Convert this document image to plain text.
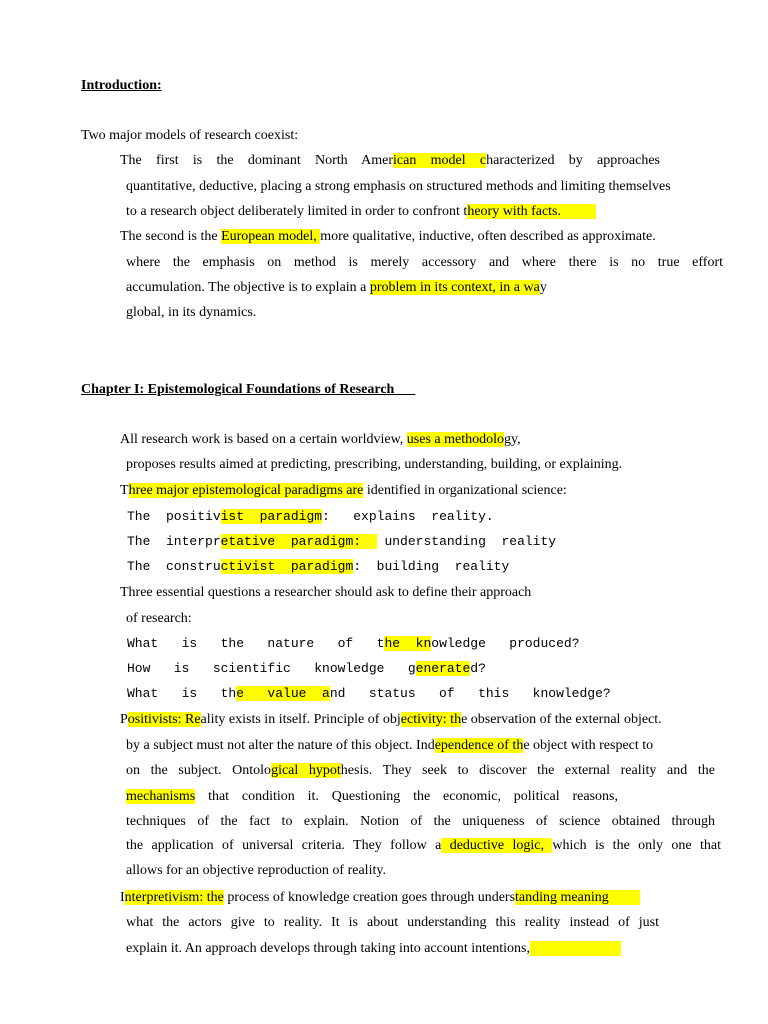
Introduction:
Two major models of research coexist:
The first is the dominant North American model characterized by approaches
quantitative, deductive, placing a strong emphasis on structured methods and limiting themselves
to a research object deliberately limited in order to confront theory with facts.
The second is the European model, more qualitative, inductive, often described as approximate.
where the emphasis on method is merely accessory and where there is no true effort
accumulation. The objective is to explain a problem in its context, in a way
global, in its dynamics.
Chapter I: Epistemological Foundations of Research
All research work is based on a certain worldview, uses a methodology,
proposes results aimed at predicting, prescribing, understanding, building, or explaining.
Three major epistemological paradigms are identified in organizational science:
The  positivist  paradigm:   explains  reality.
The  interpretative  paradigm:   understanding  reality
The  constructivist  paradigm:  building  reality
Three essential questions a researcher should ask to define their approach
of research:
What   is   the   nature   of   the  knowledge   produced?
How   is   scientific   knowledge   generated?
What   is   the   value  and   status   of   this   knowledge?
Positivists: Reality exists in itself. Principle of objectivity: the observation of the external object.
by a subject must not alter the nature of this object. Independence of the object with respect to
on the subject. Ontological hypothesis. They seek to discover the external reality and the
mechanisms that condition it. Questioning the economic, political reasons,
techniques of the fact to explain. Notion of the uniqueness of science obtained through
the application of universal criteria. They follow a deductive logic, which is the only one that
allows for an objective reproduction of reality.
Interpretivism: the process of knowledge creation goes through understanding meaning
what the actors give to reality. It is about understanding this reality instead of just
explain it. An approach develops through taking into account intentions,
